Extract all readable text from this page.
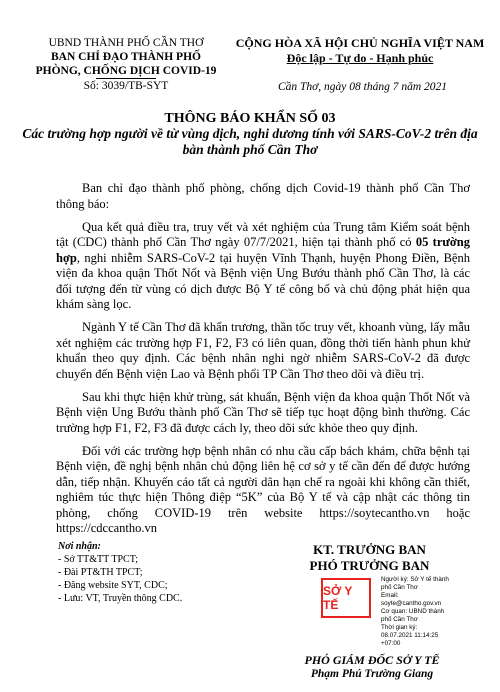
UBND THÀNH PHỐ CẦN THƠ
BAN CHỈ ĐẠO THÀNH PHỐ
PHÒNG, CHỐNG DỊCH COVID-19
Số: 3039/TB-SYT
CỘNG HÒA XÃ HỘI CHỦ NGHĨA VIỆT NAM
Độc lập - Tự do - Hạnh phúc
Cần Thơ, ngày 08 tháng 7 năm 2021
THÔNG BÁO KHẨN SỐ 03
Các trường hợp người về từ vùng dịch, nghi dương tính với SARS-CoV-2 trên địa bàn thành phố Cần Thơ

Ban chỉ đạo thành phố phòng, chống dịch Covid-19 thành phố Cần Thơ thông báo:

Qua kết quả điều tra, truy vết và xét nghiệm của Trung tâm Kiểm soát bệnh tật (CDC) thành phố Cần Thơ ngày 07/7/2021, hiện tại thành phố có 05 trường hợp, nghi nhiễm SARS-CoV-2 tại huyện Vĩnh Thạnh, huyện Phong Điền, Bệnh viện đa khoa quận Thốt Nốt và Bệnh viện Ung Bướu thành phố Cần Thơ, là các đối tượng đến từ vùng có dịch được Bộ Y tế công bố và chủ động phát hiện qua khám sàng lọc.

Ngành Y tế Cần Thơ đã khẩn trương, thần tốc truy vết, khoanh vùng, lấy mẫu xét nghiệm các trường hợp F1, F2, F3 có liên quan, đồng thời tiến hành phun khử khuẩn theo quy định. Các bệnh nhân nghi ngờ nhiễm SARS-CoV-2 đã được chuyển đến Bệnh viện Lao và Bệnh phổi TP Cần Thơ theo dõi và điều trị.

Sau khi thực hiện khử trùng, sát khuẩn, Bệnh viện đa khoa quận Thốt Nốt và Bệnh viện Ung Bướu thành phố Cần Thơ sẽ tiếp tục hoạt động bình thường. Các trường hợp F1, F2, F3 đã được cách ly, theo dõi sức khỏe theo quy định.

Đối với các trường hợp bệnh nhân có nhu cầu cấp bách khám, chữa bệnh tại Bệnh viện, đề nghị bệnh nhân chủ động liên hệ cơ sở y tế cần đến để được hướng dẫn, tiếp nhận. Khuyến cáo tất cả người dân hạn chế ra ngoài khi không cần thiết, nghiêm túc thực hiện Thông điệp “5K” của Bộ Y tế và cập nhật các thông tin phòng, chống COVID-19 trên website https://soytecantho.vn hoặc https://cdccantho.vn

Nơi nhận:
- Sở TT&TT TPCT;
- Đài PT&TH TPCT;
- Đăng website SYT, CDC;
- Lưu: VT, Truyền thông CDC.
KT. TRƯỞNG BAN
PHÓ TRƯỞNG BAN
SỞ Y TẾ
Người ký: Sở Y tế thành
phố Cần Thơ
Email:
soyte@cantho.gov.vn
Cơ quan: UBND thành
phố Cần Thơ
Thời gian ký:
08.07.2021 11:14:25
+07:00
PHÓ GIÁM ĐỐC SỞ Y TẾ
Phạm Phú Trường Giang
